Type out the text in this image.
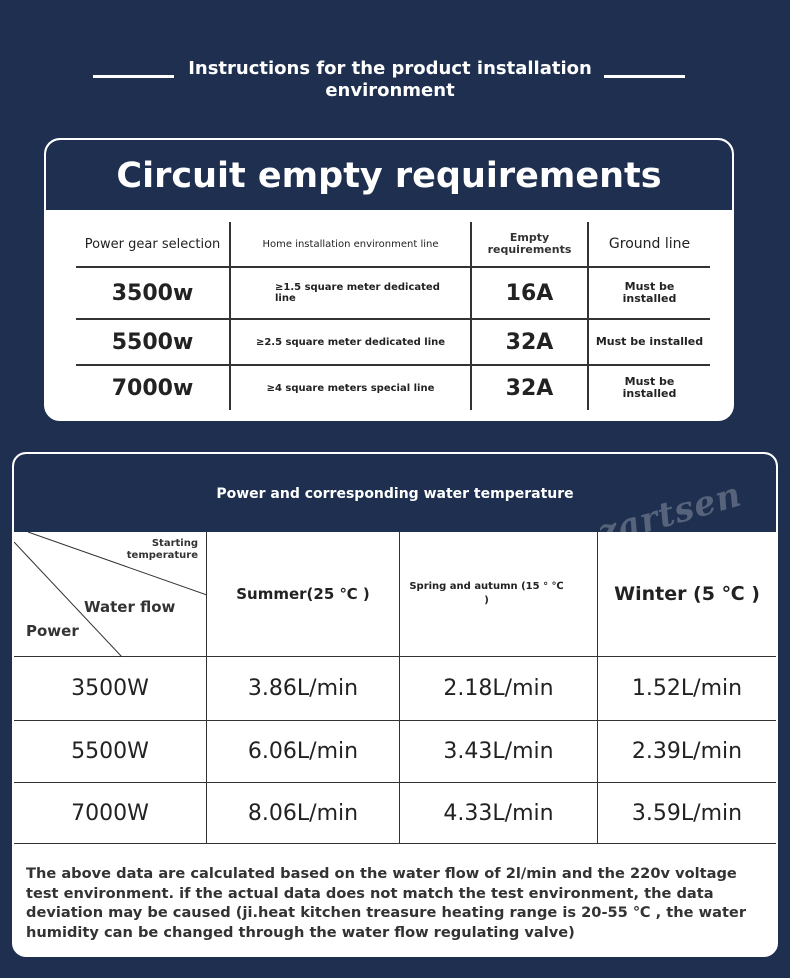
Instructions for the product installation environment
Circuit empty requirements
Power gear selection	Home installation environment line	Empty requirements	Ground line
3500w	≥1.5 square meter dedicated line	16A	Must be installed
5500w	≥2.5 square meter dedicated line	32A	Must be installed
7000w	≥4 square meters special line	32A	Must be installed
Power and corresponding water temperature zartsen
Starting temperature
Water flow
Power
Summer(25 ℃ )	Spring and autumn (15 ° ℃ )	Winter (5 ℃ )
3500W	3.86L/min	2.18L/min	1.52L/min
5500W	6.06L/min	3.43L/min	2.39L/min
7000W	8.06L/min	4.33L/min	3.59L/min
The above data are calculated based on the water flow of 2l/min and the 220v voltage test environment. if the actual data does not match the test environment, the data deviation may be caused (ji.heat kitchen treasure heating range is 20-55 ℃ , the water humidity can be changed through the water flow regulating valve)
